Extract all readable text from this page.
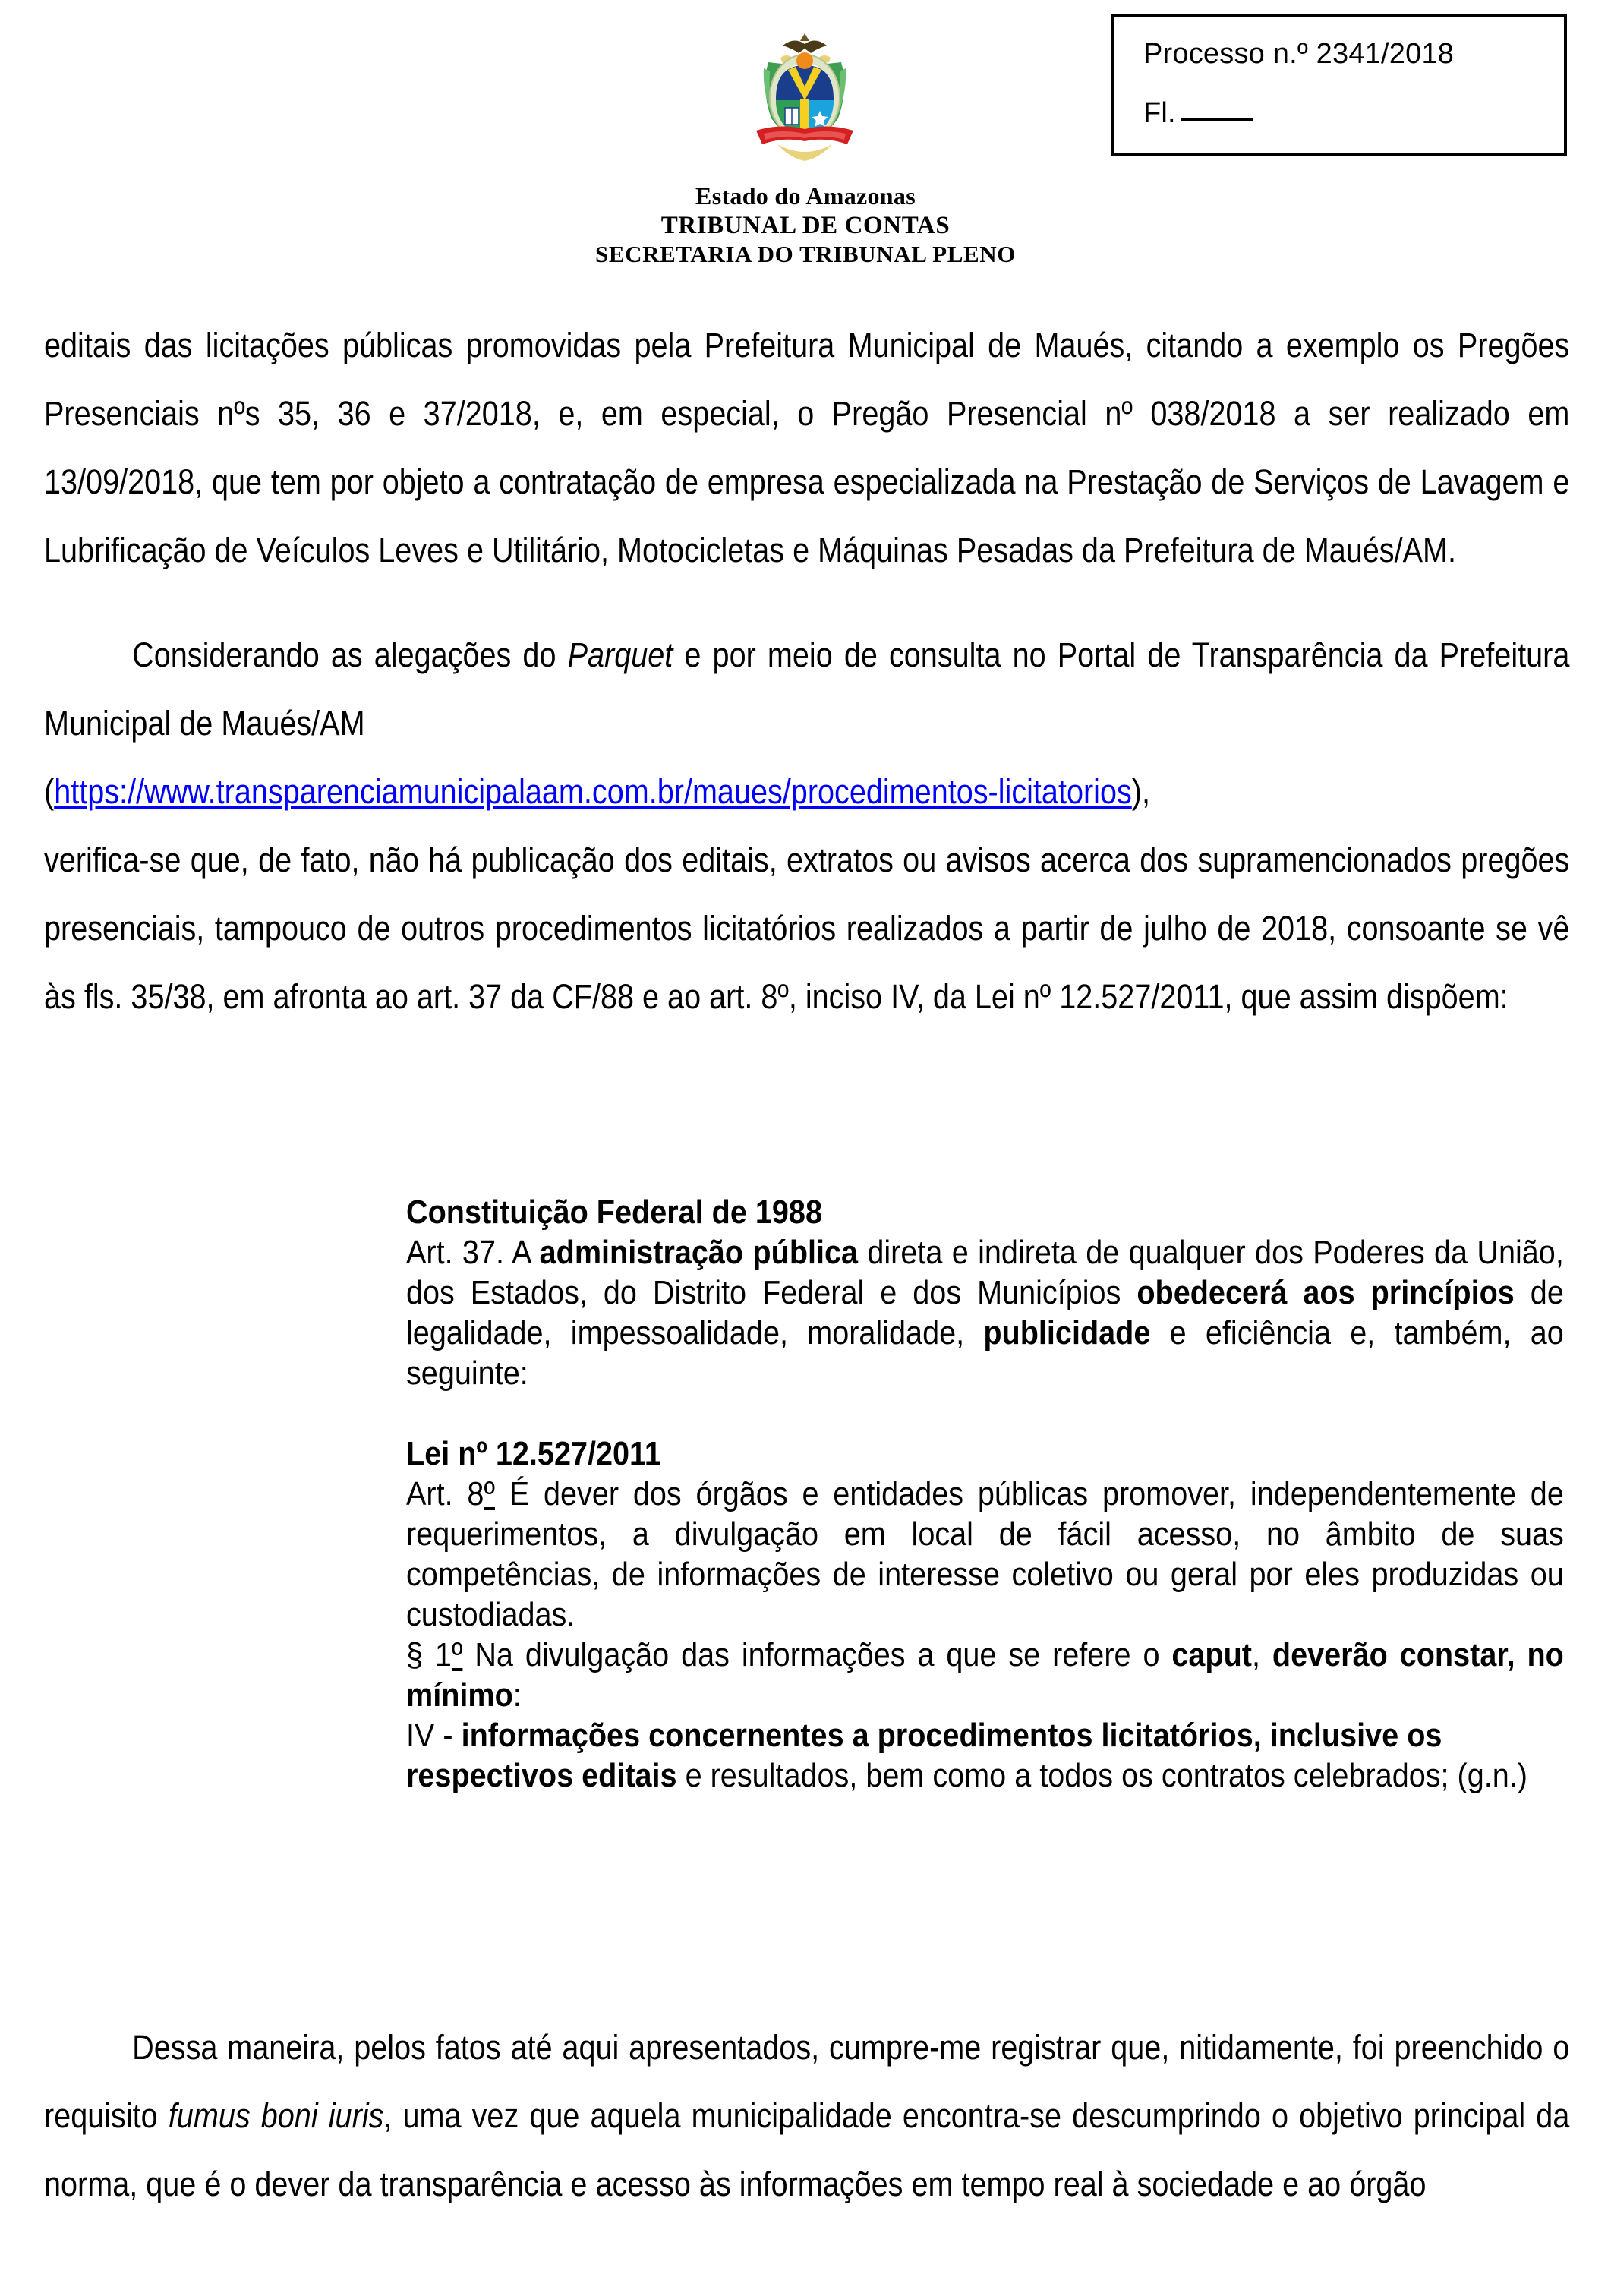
Processo n.º 2341/2018
Fl.
Estado do Amazonas
TRIBUNAL DE CONTAS
SECRETARIA DO TRIBUNAL PLENO

editais das licitações públicas promovidas pela Prefeitura Municipal de Maués, citando a exemplo os Pregões Presenciais nºs 35, 36 e 37/2018, e, em especial, o Pregão Presencial nº 038/2018 a ser realizado em 13/09/2018, que tem por objeto a contratação de empresa especializada na Prestação de Serviços de Lavagem e Lubrificação de Veículos Leves e Utilitário, Motocicletas e Máquinas Pesadas da Prefeitura de Maués/AM.

Considerando as alegações do Parquet e por meio de consulta no Portal de Transparência da Prefeitura Municipal de Maués/AM

(https://www.transparenciamunicipalaam.com.br/maues/procedimentos-licitatorios),

verifica-se que, de fato, não há publicação dos editais, extratos ou avisos acerca dos supramencionados pregões presenciais, tampouco de outros procedimentos licitatórios realizados a partir de julho de 2018, consoante se vê às fls. 35/38, em afronta ao art. 37 da CF/88 e ao art. 8º, inciso IV, da Lei nº 12.527/2011, que assim dispõem:

Constituição Federal de 1988

Art. 37. A administração pública direta e indireta de qualquer dos Poderes da União, dos Estados, do Distrito Federal e dos Municípios obedecerá aos princípios de legalidade, impessoalidade, moralidade, publicidade e eficiência e, também, ao seguinte:

Lei nº 12.527/2011

Art. 8º É dever dos órgãos e entidades públicas promover, independentemente de requerimentos, a divulgação em local de fácil acesso, no âmbito de suas competências, de informações de interesse coletivo ou geral por eles produzidas ou custodiadas.

§ 1º Na divulgação das informações a que se refere o caput, deverão constar, no mínimo:

IV - informações concernentes a procedimentos licitatórios, inclusive os respectivos editais e resultados, bem como a todos os contratos celebrados; (g.n.)

Dessa maneira, pelos fatos até aqui apresentados, cumpre-me registrar que, nitidamente, foi preenchido o requisito fumus boni iuris, uma vez que aquela municipalidade encontra-se descumprindo o objetivo principal da norma, que é o dever da transparência e acesso às informações em tempo real à sociedade e ao órgão
